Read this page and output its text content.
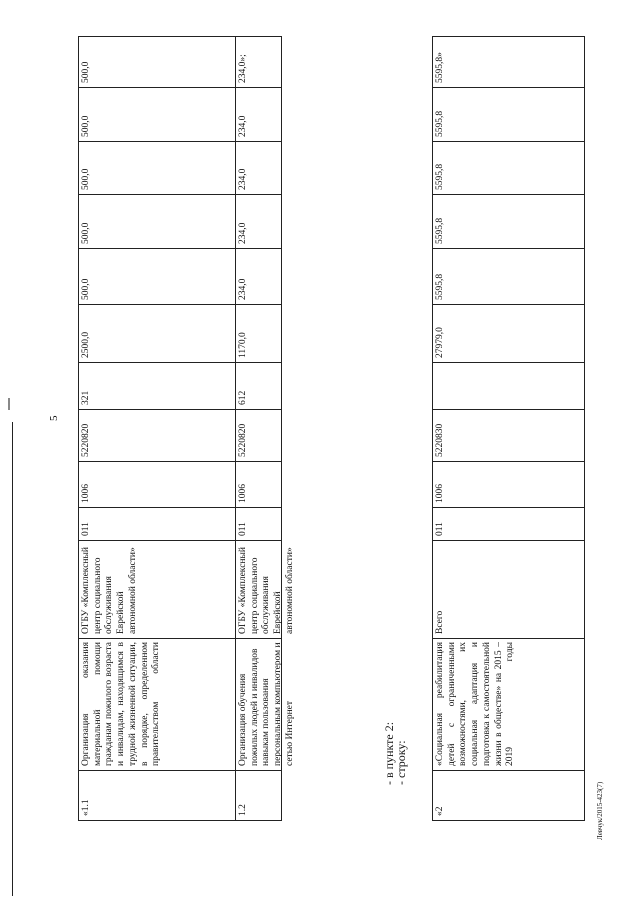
5
Левчук/2015-423(7)
«1.1
Организация оказания материальной помощи гражданам пожилого возраста и инвалидам, находящимся в трудной жизненной ситуации, в порядке, определенном правительством области
ОГБУ «Комплексный центр социального обслуживания Еврейской автономной области»
011
1006
5220820
321
2500,0
500,0
500,0
500,0
500,0
500,0
1.2
Организация обучения пожилых людей и инвалидов навыкам пользования персональным компьютером и сетью Интернет
ОГБУ «Комплексный центр социального обслуживания Еврейской автономной области»
011
1006
5220820
612
1170,0
234,0
234,0
234,0
234,0
234,0»;
- в пункте 2:
- строку:
«2
«Социальная реабилитация детей с ограниченными возможностями, их социальная адаптация и подготовка к самостоятельной жизни в обществе» на 2015 – 2019 годы
Всего
011
1006
5220830
27979,0
5595,8
5595,8
5595,8
5595,8
5595,8»
